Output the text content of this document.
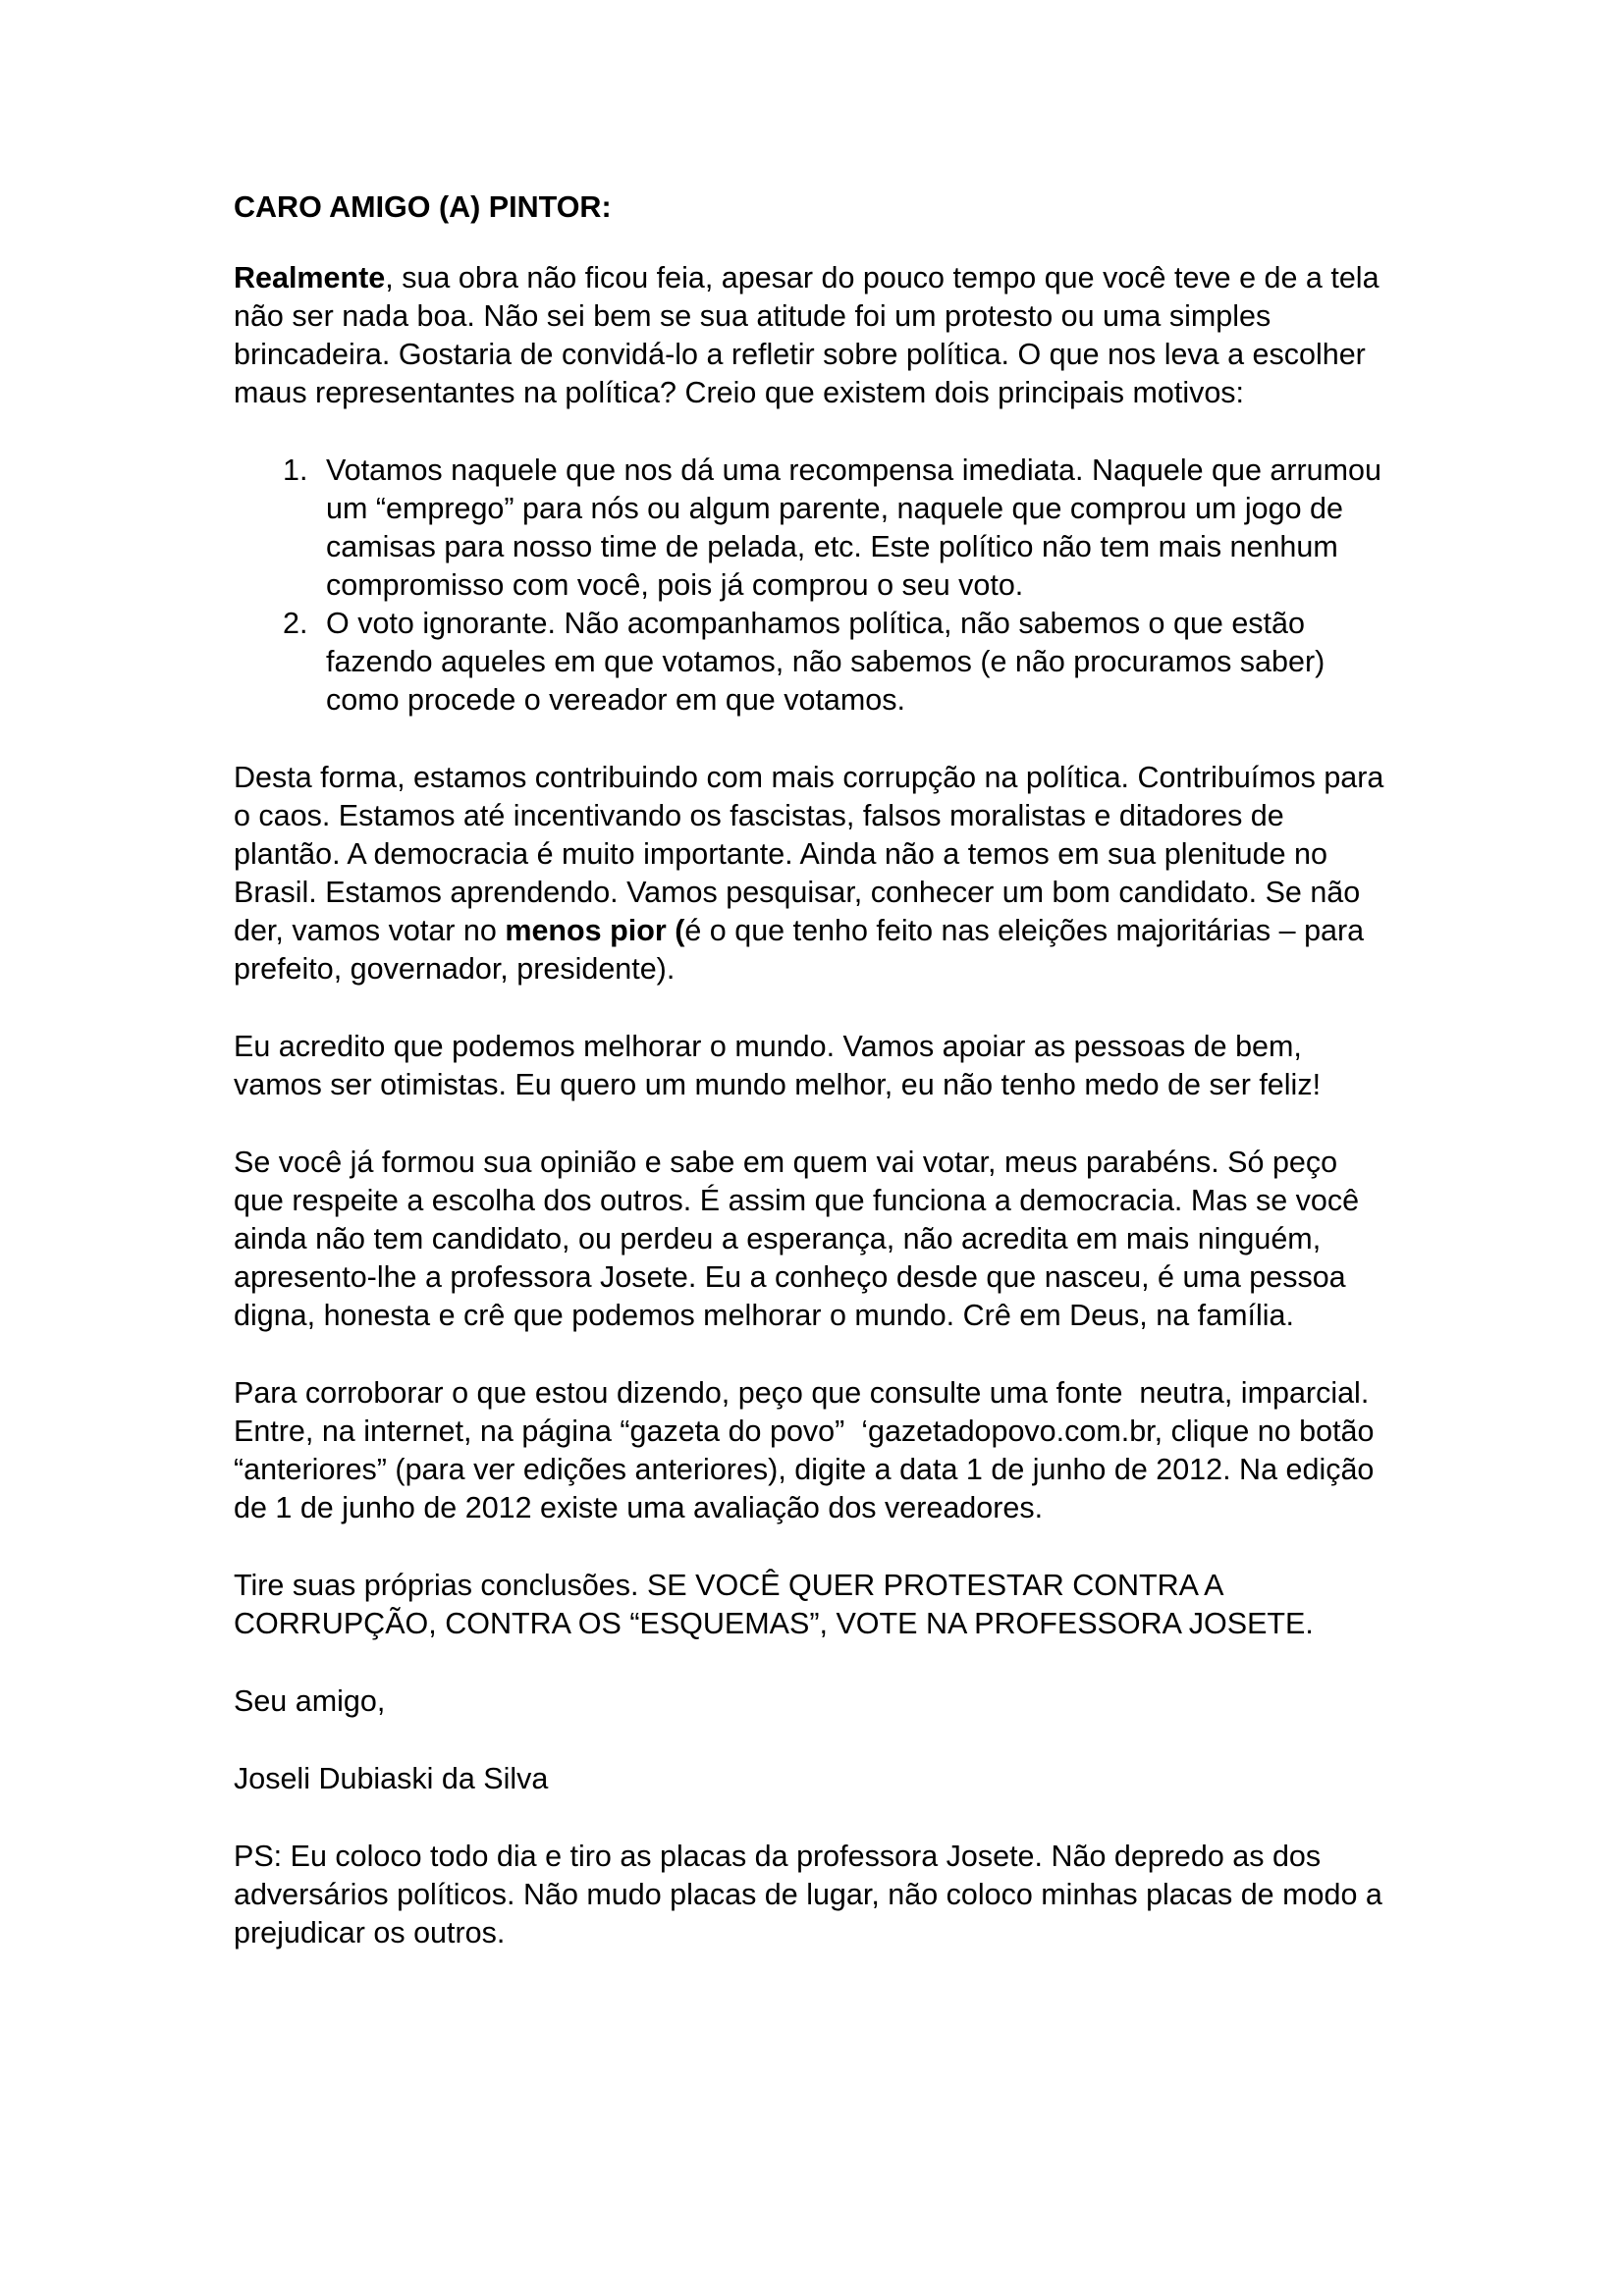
CARO AMIGO (A) PINTOR:

Realmente, sua obra não ficou feia, apesar do pouco tempo que você teve e de a tela não ser nada boa. Não sei bem se sua atitude foi um protesto ou uma simples brincadeira. Gostaria de convidá-lo a refletir sobre política. O que nos leva a escolher maus representantes na política? Creio que existem dois principais motivos:

1. Votamos naquele que nos dá uma recompensa imediata. Naquele que arrumou um “emprego” para nós ou algum parente, naquele que comprou um jogo de camisas para nosso time de pelada, etc. Este político não tem mais nenhum compromisso com você, pois já comprou o seu voto.
2. O voto ignorante. Não acompanhamos política, não sabemos o que estão fazendo aqueles em que votamos, não sabemos (e não procuramos saber) como procede o vereador em que votamos.

Desta forma, estamos contribuindo com mais corrupção na política. Contribuímos para o caos. Estamos até incentivando os fascistas, falsos moralistas e ditadores de plantão. A democracia é muito importante. Ainda não a temos em sua plenitude no Brasil. Estamos aprendendo. Vamos pesquisar, conhecer um bom candidato. Se não der, vamos votar no menos pior (é o que tenho feito nas eleições majoritárias – para prefeito, governador, presidente).

Eu acredito que podemos melhorar o mundo. Vamos apoiar as pessoas de bem, vamos ser otimistas. Eu quero um mundo melhor, eu não tenho medo de ser feliz!

Se você já formou sua opinião e sabe em quem vai votar, meus parabéns. Só peço que respeite a escolha dos outros. É assim que funciona a democracia. Mas se você ainda não tem candidato, ou perdeu a esperança, não acredita em mais ninguém, apresento-lhe a professora Josete. Eu a conheço desde que nasceu, é uma pessoa digna, honesta e crê que podemos melhorar o mundo. Crê em Deus, na família.

Para corroborar o que estou dizendo, peço que consulte uma fonte  neutra, imparcial. Entre, na internet, na página “gazeta do povo”  ‘gazetadopovo.com.br, clique no botão “anteriores” (para ver edições anteriores), digite a data 1 de junho de 2012. Na edição de 1 de junho de 2012 existe uma avaliação dos vereadores.

Tire suas próprias conclusões. SE VOCÊ QUER PROTESTAR CONTRA A CORRUPÇÃO, CONTRA OS “ESQUEMAS”, VOTE NA PROFESSORA JOSETE.

Seu amigo,

Joseli Dubiaski da Silva

PS: Eu coloco todo dia e tiro as placas da professora Josete. Não depredo as dos adversários políticos. Não mudo placas de lugar, não coloco minhas placas de modo a prejudicar os outros.
